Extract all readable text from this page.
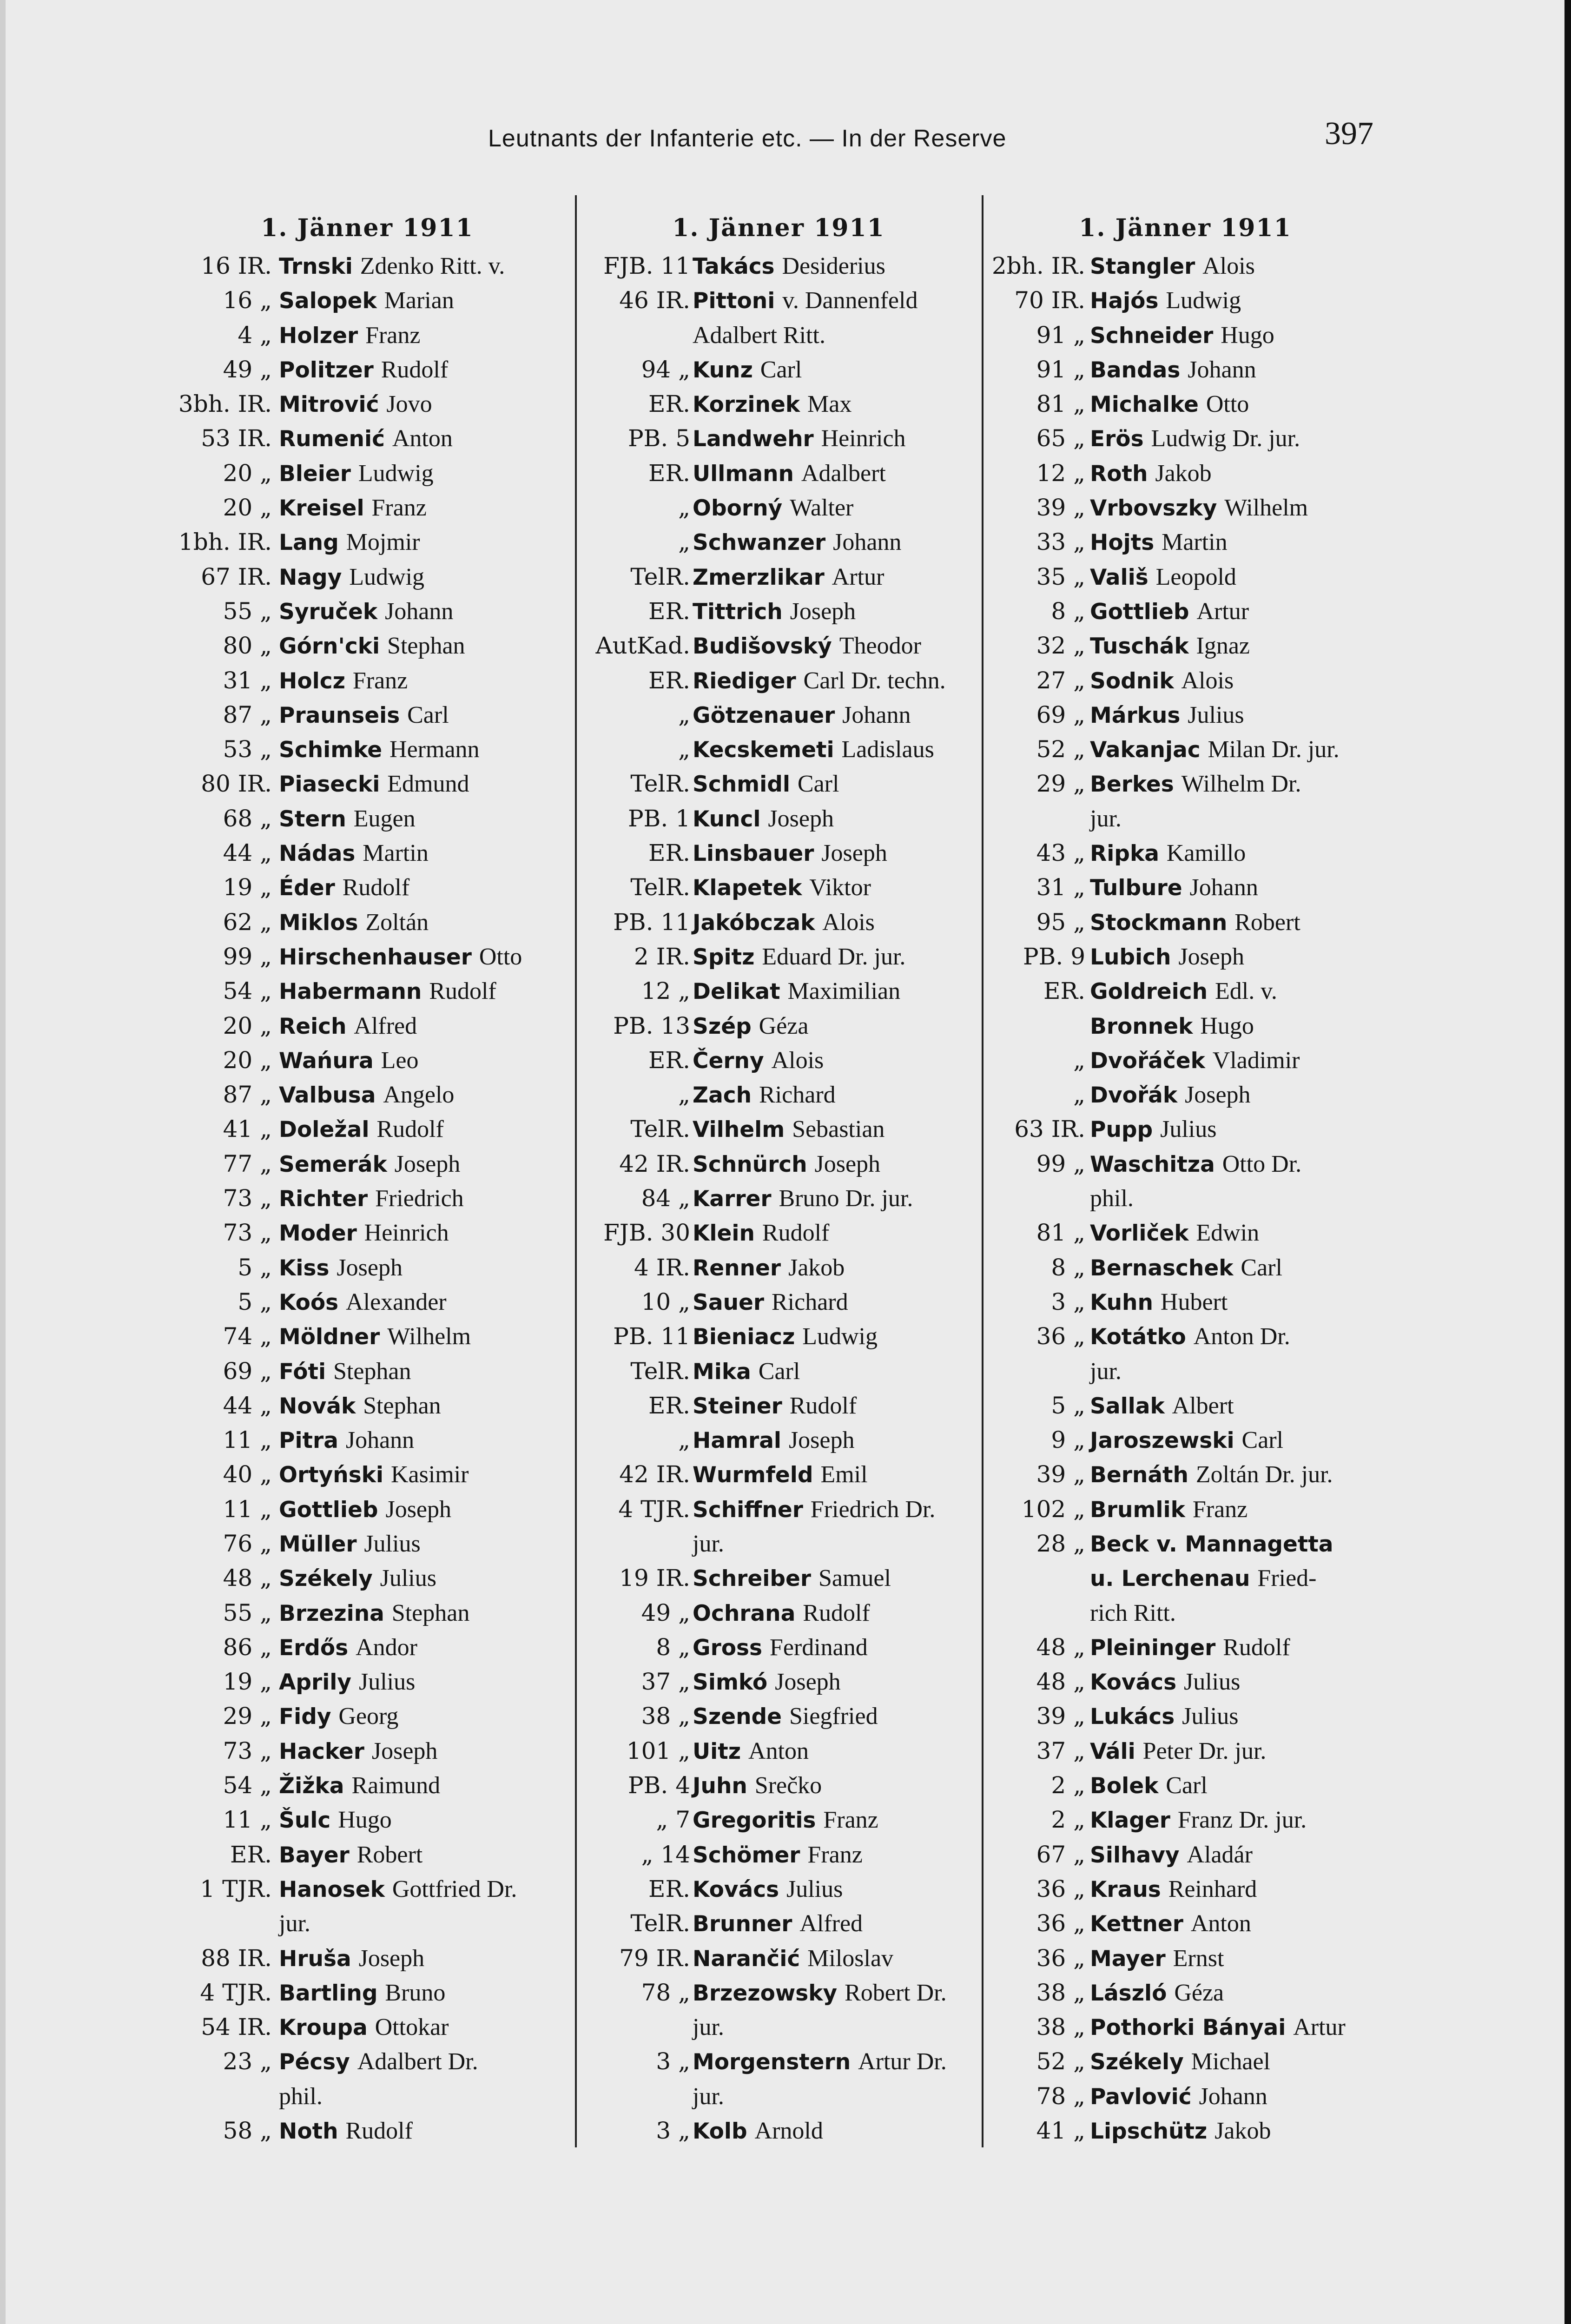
Leutnants der Infanterie etc. — In der Reserve	397
1. Jänner 1911
16 IR. Trnski Zdenko Ritt. v.
16 „ Salopek Marian
4 „ Holzer Franz
49 „ Politzer Rudolf
3bh. IR. Mitrović Jovo
53 IR. Rumenić Anton
20 „ Bleier Ludwig
20 „ Kreisel Franz
1bh. IR. Lang Mojmir
67 IR. Nagy Ludwig
55 „ Syruček Johann
80 „ Górn'cki Stephan
31 „ Holcz Franz
87 „ Praunseis Carl
53 „ Schimke Hermann
80 IR. Piasecki Edmund
68 „ Stern Eugen
44 „ Nádas Martin
19 „ Éder Rudolf
62 „ Miklos Zoltán
99 „ Hirschenhauser Otto
54 „ Habermann Rudolf
20 „ Reich Alfred
20 „ Wańura Leo
87 „ Valbusa Angelo
41 „ Doležal Rudolf
77 „ Semerák Joseph
73 „ Richter Friedrich
73 „ Moder Heinrich
5 „ Kiss Joseph
5 „ Koós Alexander
74 „ Möldner Wilhelm
69 „ Fóti Stephan
44 „ Novák Stephan
11 „ Pitra Johann
40 „ Ortyński Kasimir
11 „ Gottlieb Joseph
76 „ Müller Julius
48 „ Székely Julius
55 „ Brzezina Stephan
86 „ Erdős Andor
19 „ Aprily Julius
29 „ Fidy Georg
73 „ Hacker Joseph
54 „ Žižka Raimund
11 „ Šulc Hugo
ER. Bayer Robert
1 TJR. Hanosek Gottfried Dr.
jur.
88 IR. Hruša Joseph
4 TJR. Bartling Bruno
54 IR. Kroupa Ottokar
23 „ Pécsy Adalbert Dr.
phil.
58 „ Noth Rudolf
1. Jänner 1911
FJB. 11 Takács Desiderius
46 IR. Pittoni v. Dannenfeld
Adalbert Ritt.
94 „ Kunz Carl
ER. Korzinek Max
PB. 5 Landwehr Heinrich
ER. Ullmann Adalbert
„ Oborný Walter
„ Schwanzer Johann
TelR. Zmerzlikar Artur
ER. Tittrich Joseph
AutKad. Budišovský Theodor
ER. Riediger Carl Dr. techn.
„ Götzenauer Johann
„ Kecskemeti Ladislaus
TelR. Schmidl Carl
PB. 1 Kuncl Joseph
ER. Linsbauer Joseph
TelR. Klapetek Viktor
PB. 11 Jakóbczak Alois
2 IR. Spitz Eduard Dr. jur.
12 „ Delikat Maximilian
PB. 13 Szép Géza
ER. Černy Alois
„ Zach Richard
TelR. Vilhelm Sebastian
42 IR. Schnürch Joseph
84 „ Karrer Bruno Dr. jur.
FJB. 30 Klein Rudolf
4 IR. Renner Jakob
10 „ Sauer Richard
PB. 11 Bieniacz Ludwig
TelR. Mika Carl
ER. Steiner Rudolf
„ Hamral Joseph
42 IR. Wurmfeld Emil
4 TJR. Schiffner Friedrich Dr.
jur.
19 IR. Schreiber Samuel
49 „ Ochrana Rudolf
8 „ Gross Ferdinand
37 „ Simkó Joseph
38 „ Szende Siegfried
101 „ Uitz Anton
PB. 4 Juhn Srečko
„ 7 Gregoritis Franz
„ 14 Schömer Franz
ER. Kovács Julius
TelR. Brunner Alfred
79 IR. Narančić Miloslav
78 „ Brzezowsky Robert Dr.
jur.
3 „ Morgenstern Artur Dr.
jur.
3 „ Kolb Arnold
1. Jänner 1911
2bh. IR. Stangler Alois
70 IR. Hajós Ludwig
91 „ Schneider Hugo
91 „ Bandas Johann
81 „ Michalke Otto
65 „ Erös Ludwig Dr. jur.
12 „ Roth Jakob
39 „ Vrbovszky Wilhelm
33 „ Hojts Martin
35 „ Vališ Leopold
8 „ Gottlieb Artur
32 „ Tuschák Ignaz
27 „ Sodnik Alois
69 „ Márkus Julius
52 „ Vakanjac Milan Dr. jur.
29 „ Berkes Wilhelm Dr.
jur.
43 „ Ripka Kamillo
31 „ Tulbure Johann
95 „ Stockmann Robert
PB. 9 Lubich Joseph
ER. Goldreich Edl. v.
Bronnek Hugo
„ Dvořáček Vladimir
„ Dvořák Joseph
63 IR. Pupp Julius
99 „ Waschitza Otto Dr.
phil.
81 „ Vorliček Edwin
8 „ Bernaschek Carl
3 „ Kuhn Hubert
36 „ Kotátko Anton Dr.
jur.
5 „ Sallak Albert
9 „ Jaroszewski Carl
39 „ Bernáth Zoltán Dr. jur.
102 „ Brumlik Franz
28 „ Beck v. Mannagetta
u. Lerchenau Fried-
rich Ritt.
48 „ Pleininger Rudolf
48 „ Kovács Julius
39 „ Lukács Julius
37 „ Váli Peter Dr. jur.
2 „ Bolek Carl
2 „ Klager Franz Dr. jur.
67 „ Silhavy Aladár
36 „ Kraus Reinhard
36 „ Kettner Anton
36 „ Mayer Ernst
38 „ László Géza
38 „ Pothorki Bányai Artur
52 „ Székely Michael
78 „ Pavlović Johann
41 „ Lipschütz Jakob
